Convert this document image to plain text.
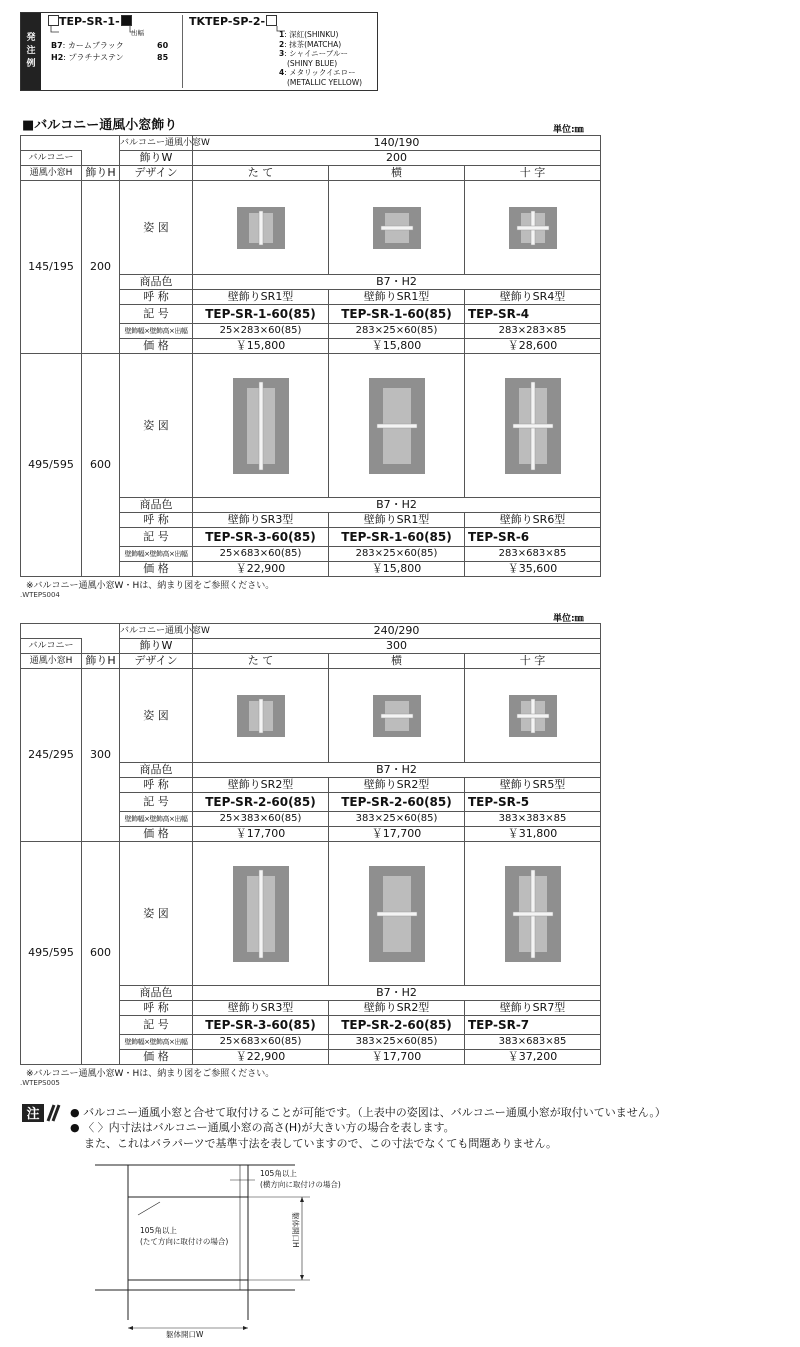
発
注
例
TEP-SR-1-
出幅
B7: カームブラック	60
H2: プラチナステン	85
TKTEP-SP-2-
1: 深紅(SHINKU)
2: 抹茶(MATCHA)
3: シャイニーブルー
(SHINY BLUE)
4: メタリックイエロー
(METALLIC YELLOW)
■バルコニー通風小窓飾り	単位:㎜
単位:㎜
		バルコニー通風小窓W	140/190		
バルコニー		飾りW	200		
通風小窓H	飾りH	デザイン	た て	横	十 字
145/195	200	姿 図	

		商品色	B7・H2		
		呼 称	壁飾りSR1型	壁飾りSR1型	壁飾りSR4型
		記 号	TEP-SR-1-60(85)	TEP-SR-1-60(85)	TEP-SR-4
		壁飾幅×壁飾高×出幅	25×283×60(85)	283×25×60(85)	283×283×85
		価 格	￥15,800	￥15,800	￥28,600
495/595	600	姿 図	

		商品色	B7・H2		
		呼 称	壁飾りSR3型	壁飾りSR1型	壁飾りSR6型
		記 号	TEP-SR-3-60(85)	TEP-SR-1-60(85)	TEP-SR-6
		壁飾幅×壁飾高×出幅	25×683×60(85)	283×25×60(85)	283×683×85
		価 格	￥22,900	￥15,800	￥35,600
※バルコニー通風小窓W・Hは、納まり図をご参照ください。
.WTEPS004
		バルコニー通風小窓W	240/290		
バルコニー		飾りW	300		
通風小窓H	飾りH	デザイン	た て	横	十 字
245/295	300	姿 図	

		商品色	B7・H2		
		呼 称	壁飾りSR2型	壁飾りSR2型	壁飾りSR5型
		記 号	TEP-SR-2-60(85)	TEP-SR-2-60(85)	TEP-SR-5
		壁飾幅×壁飾高×出幅	25×383×60(85)	383×25×60(85)	383×383×85
		価 格	￥17,700	￥17,700	￥31,800
495/595	600	姿 図	

		商品色	B7・H2		
		呼 称	壁飾りSR3型	壁飾りSR2型	壁飾りSR7型
		記 号	TEP-SR-3-60(85)	TEP-SR-2-60(85)	TEP-SR-7
		壁飾幅×壁飾高×出幅	25×683×60(85)	383×25×60(85)	383×683×85
		価 格	￥22,900	￥17,700	￥37,200
※バルコニー通風小窓W・Hは、納まり図をご参照ください。
.WTEPS005
注	● バルコニー通風小窓と合せて取付けることが可能です。（上表中の姿図は、バルコニー通風小窓が取付いていません。）
● 〈 〉内寸法はバルコニー通風小窓の高さ(H)が大きい方の場合を表します。
また、これはバラパーツで基準寸法を表していますので、この寸法でなくても問題ありません。
105角以上
(横方向に取付けの場合)
105角以上
(たて方向に取付けの場合)	躯体開口H
躯体開口W
